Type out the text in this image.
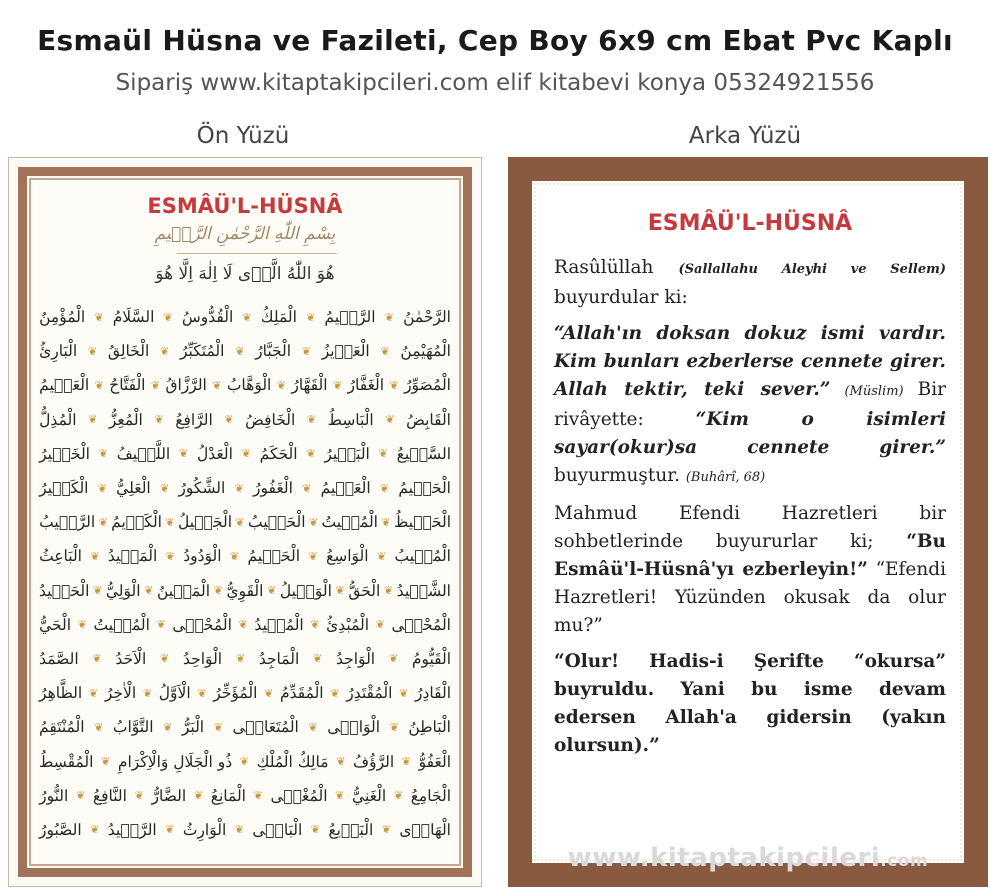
Esmaül Hüsna ve Fazileti, Cep Boy 6x9 cm Ebat Pvc Kaplı
Sipariş www.kitaptakipcileri.com elif kitabevi konya 05324921556
Ön Yüzü	Arka Yüzü
ESMÂÜ'L-HÜSNÂ
بِسْمِ اللّٰهِ الرَّحْمٰنِ الرَّح۪يمِ
هُوَ اللّٰهُ الَّذ۪ى لَا اِلٰهَ اِلَّا هُوَ
الرَّحْمٰنُ
❦
الرَّح۪يمُ
❦
الْمَلِكُ
❦
الْقُدُّوسُ
❦
السَّلَامُ
❦
الْمُؤْمِنُ
الْمُهَيْمِنُ
❦
الْعَز۪يزُ
❦
الْجَبَّارُ
❦
الْمُتَكَبِّرُ
❦
الْخَالِقُ
❦
الْبَارِئُ
الْمُصَوِّرُ
❦
الْغَفَّارُ
❦
الْقَهَّارُ
❦
الْوَهَّابُ
❦
الرَّزَّاقُ
❦
الْفَتَّاحُ
❦
الْعَل۪يمُ
الْقَابِضُ
❦
الْبَاسِطُ
❦
الْخَافِضُ
❦
الرَّافِعُ
❦
الْمُعِزُّ
❦
الْمُذِلُّ
السَّم۪يعُ
❦
الْبَص۪يرُ
❦
الْحَكَمُ
❦
الْعَدْلُ
❦
اللَّط۪يفُ
❦
الْخَب۪يرُ
الْحَل۪يمُ
❦
الْعَظ۪يمُ
❦
الْغَفُورُ
❦
الشَّكُورُ
❦
الْعَلِيُّ
❦
الْكَب۪يرُ
الْحَف۪يظُ
❦
الْمُق۪يتُ
❦
الْحَس۪يبُ
❦
الْجَل۪يلُ
❦
الْكَر۪يمُ
❦
الرَّق۪يبُ
الْمُج۪يبُ
❦
الْوَاسِعُ
❦
الْحَك۪يمُ
❦
الْوَدُودُ
❦
الْمَج۪يدُ
❦
الْبَاعِثُ
الشَّه۪يدُ
❦
الْحَقُّ
❦
الْوَك۪يلُ
❦
الْقَوِيُّ
❦
الْمَت۪ينُ
❦
الْوَلِيُّ
❦
الْحَم۪يدُ
الْمُحْص۪ى
❦
الْمُبْدِئُ
❦
الْمُع۪يدُ
❦
الْمُحْي۪ى
❦
الْمُم۪يتُ
❦
الْحَيُّ
الْقَيُّومُ
❦
الْوَاجِدُ
❦
الْمَاجِدُ
❦
الْوَاحِدُ
❦
الْاَحَدُ
❦
الصَّمَدُ
الْقَادِرُ
❦
الْمُقْتَدِرُ
❦
الْمُقَدِّمُ
❦
الْمُؤَخِّرُ
❦
الْاَوَّلُ
❦
الْاٰخِرُ
❦
الظَّاهِرُ
الْبَاطِنُ
❦
الْوَال۪ى
❦
الْمُتَعَال۪ى
❦
الْبَرُّ
❦
التَّوَّابُ
❦
الْمُنْتَقِمُ
الْعَفُوُّ
❦
الرَّؤُفُ
❦
مَالِكُ الْمُلْكِ
❦
ذُو الْجَلَالِ وَالْاِكْرَامِ
❦
الْمُقْسِطُ
الْجَامِعُ
❦
الْغَنِيُّ
❦
الْمُغْن۪ى
❦
الْمَانِعُ
❦
الضَّارُّ
❦
النَّافِعُ
❦
النُّورُ
الْهَاد۪ى
❦
الْبَد۪يعُ
❦
الْبَاق۪ى
❦
الْوَارِثُ
❦
الرَّش۪يدُ
❦
الصَّبُورُ
ESMÂÜ'L-HÜSNÂ

Rasûlüllah (Sallallahu Aleyhi ve Sellem) buyurdular ki:

“Allah'ın doksan dokuz ismi vardır. Kim bunları ezberlerse cennete girer. Allah tektir, teki sever.” (Müslim) Bir rivâyette: “Kim o isimleri sayar(okur)sa cennete girer.” buyurmuştur. (Buhârî, 68)

Mahmud Efendi Hazretleri bir sohbetlerinde buyururlar ki; “Bu Esmâü'l-Hüsnâ'yı ezberleyin!” “Efendi Hazretleri! Yüzünden okusak da olur mu?”

“Olur! Hadis-i Şerifte “okursa” buyruldu. Yani bu isme devam edersen Allah'a gidersin (yakın olursun).”

www.kitaptakipcileri.com
